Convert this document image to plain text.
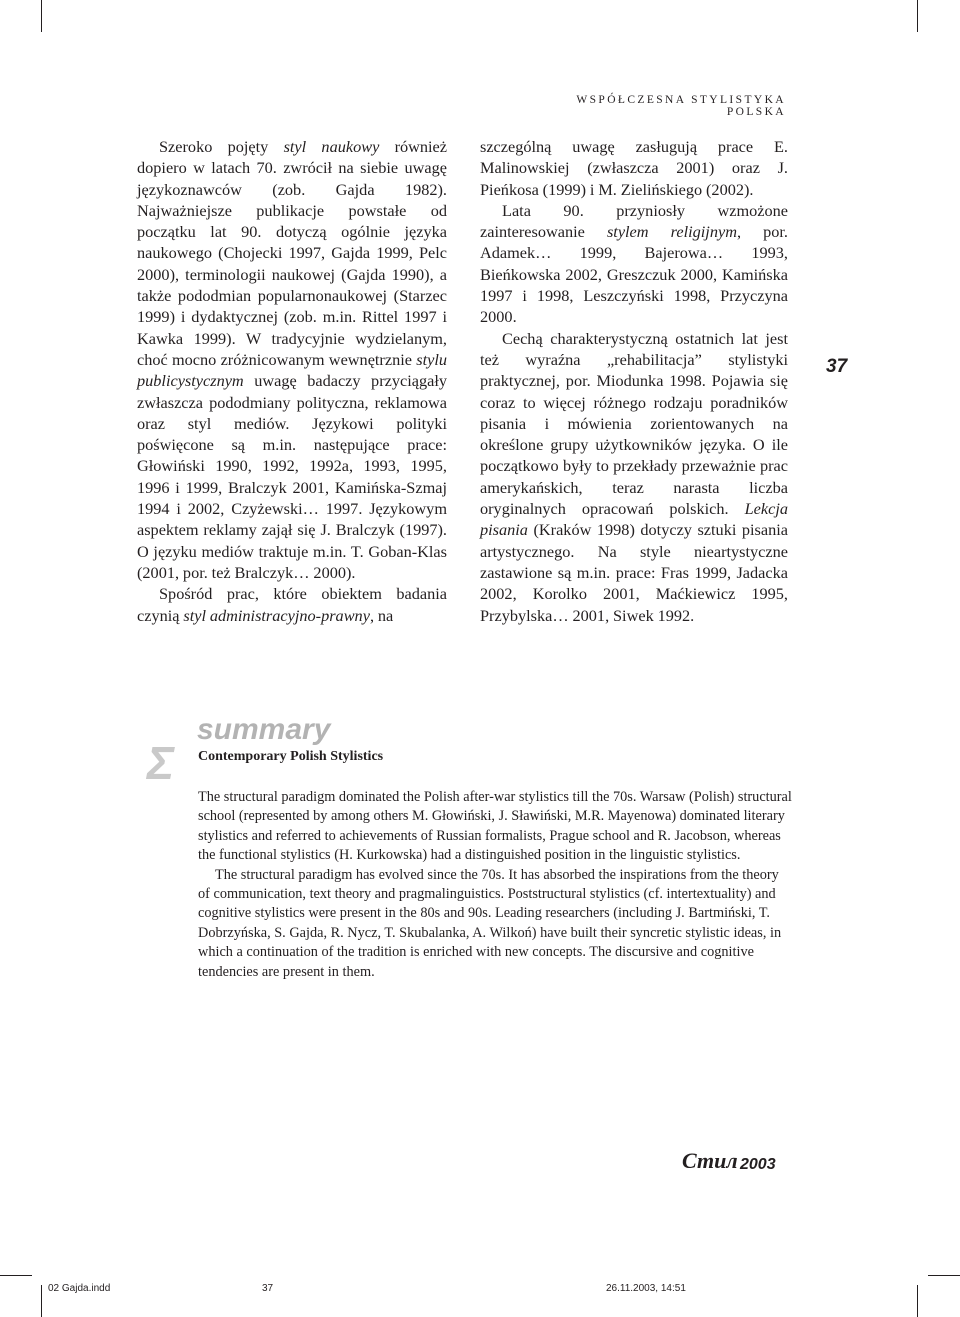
WSPÓŁCZESNA STYLISTYKA POLSKA

Szeroko pojęty styl naukowy również dopiero w latach 70. zwrócił na siebie uwagę językoznawców (zob. Gajda 1982). Najważniejsze publikacje powstałe od początku lat 90. dotyczą ogólnie języka naukowego (Chojecki 1997, Gajda 1999, Pelc 2000), terminologii naukowej (Gajda 1990), a także pododmian popularnonaukowej (Starzec 1999) i dydaktycznej (zob. m.in. Rittel 1997 i Kawka 1999). W tradycyjnie wydzielanym, choć mocno zróżnicowanym wewnętrznie stylu publicystycznym uwagę badaczy przyciągały zwłaszcza pododmiany polityczna, reklamowa oraz styl mediów. Językowi polityki poświęcone są m.in. następujące prace: Głowiński 1990, 1992, 1992a, 1993, 1995, 1996 i 1999, Bralczyk 2001, Kamińska-Szmaj 1994 i 2002, Czyżewski… 1997. Językowym aspektem reklamy zajął się J. Bralczyk (1997). O języku mediów traktuje m.in. T. Goban-Klas (2001, por. też Bralczyk… 2000).

Spośród prac, które obiektem badania czynią styl administracyjno-prawny, na

szczególną uwagę zasługują prace E. Malinowskiej (zwłaszcza 2001) oraz J. Pieńkosa (1999) i M. Zielińskiego (2002).

Lata 90. przyniosły wzmożone zainteresowanie stylem religijnym, por. Adamek… 1999, Bajerowa… 1993, Bieńkowska 2002, Greszczuk 2000, Kamińska 1997 i 1998, Leszczyński 1998, Przyczyna 2000.

Cechą charakterystyczną ostatnich lat jest też wyraźna „rehabilitacja” stylistyki praktycznej, por. Miodunka 1998. Pojawia się coraz to więcej różnego rodzaju poradników pisania i mówienia zorientowanych na określone grupy użytkowników języka. O ile początkowo były to przekłady przeważnie prac amerykańskich, teraz narasta liczba oryginalnych opracowań polskich. Lekcja pisania (Kraków 1998) dotyczy sztuki pisania artystycznego. Na style nieartystyczne zastawione są m.in. prace: Fras 1999, Jadacka 2002, Korolko 2001, Maćkiewicz 1995, Przybylska… 2001, Siwek 1992.

37
Σ
summary
Contemporary Polish Stylistics

The structural paradigm dominated the Polish after-war stylistics till the 70s. Warsaw (Polish) structural school (represented by among others M. Głowiński, J. Sławiński, M.R. Mayenowa) dominated literary stylistics and referred to achievements of Russian formalists, Prague school and R. Jacobson, whereas the functional stylistics (H. Kurkowska) had a distinguished position in the linguistic stylistics.

The structural paradigm has evolved since the 70s. It has absorbed the inspirations from the theory of communication, text theory and pragmalinguistics. Poststructural stylistics (cf. intertextuality) and cognitive stylistics were present in the 80s and 90s. Leading researchers (including J. Bartmiński, T. Dobrzyńska, S. Gajda, R. Nycz, T. Skubalanka, A. Wilkoń) have built their syncretic stylistic ideas, in which a continuation of the tradition is enriched with new concepts. The discursive and cognitive tendencies are present in them.

Стил 2003
02 Gajda.indd	37	26.11.2003, 14:51
